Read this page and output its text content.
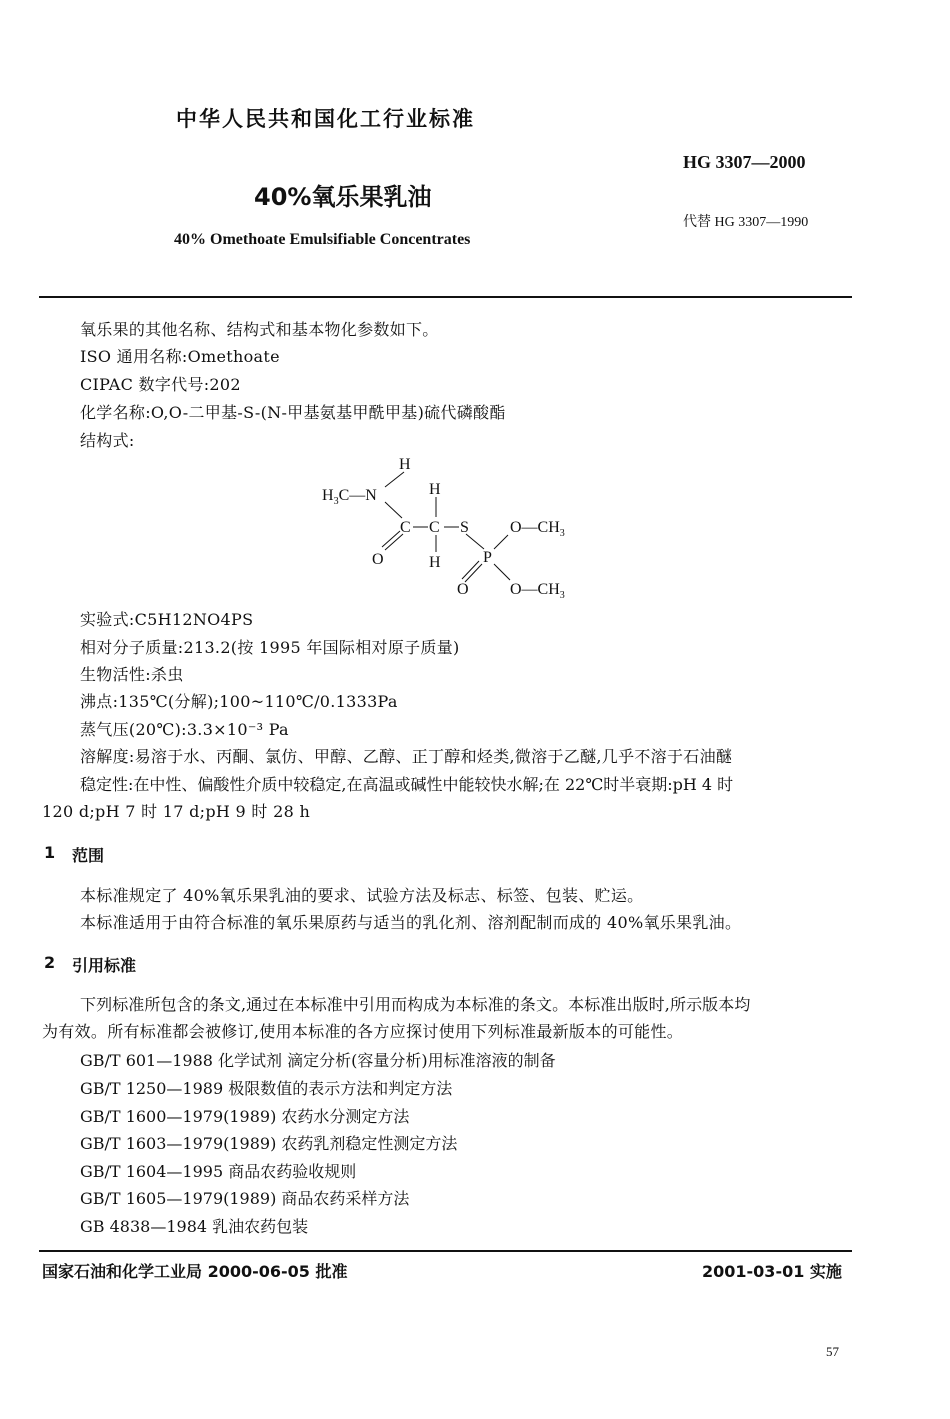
中华人民共和国化工行业标准
HG 3307—2000
40%氧乐果乳油
代替 HG 3307—1990
40% Omethoate Emulsifiable Concentrates
氧乐果的其他名称、结构式和基本物化参数如下。
ISO 通用名称:Omethoate
CIPAC 数字代号:202
化学名称:O,O-二甲基-S-(N-甲基氨基甲酰甲基)硫代磷酸酯
结构式:
H
$H_3C—N$	H
C C S	$O—CH_3$
O	H	P
O	$O—CH_3$
实验式:C5H12NO4PS
相对分子质量:213.2(按 1995 年国际相对原子质量)
生物活性:杀虫
沸点:135℃(分解);100~110℃/0.1333Pa
蒸气压(20℃):3.3×10⁻³ Pa
溶解度:易溶于水、丙酮、氯仿、甲醇、乙醇、正丁醇和烃类,微溶于乙醚,几乎不溶于石油醚
稳定性:在中性、偏酸性介质中较稳定,在高温或碱性中能较快水解;在 22℃时半衰期:pH 4 时
120 d;pH 7 时 17 d;pH 9 时 28 h
1 范围
本标准规定了 40%氧乐果乳油的要求、试验方法及标志、标签、包装、贮运。
本标准适用于由符合标准的氧乐果原药与适当的乳化剂、溶剂配制而成的 40%氧乐果乳油。
2 引用标准
下列标准所包含的条文,通过在本标准中引用而构成为本标准的条文。本标准出版时,所示版本均
为有效。所有标准都会被修订,使用本标准的各方应探讨使用下列标准最新版本的可能性。
GB/T 601—1988 化学试剂 滴定分析(容量分析)用标准溶液的制备
GB/T 1250—1989 极限数值的表示方法和判定方法
GB/T 1600—1979(1989) 农药水分测定方法
GB/T 1603—1979(1989) 农药乳剂稳定性测定方法
GB/T 1604—1995 商品农药验收规则
GB/T 1605—1979(1989) 商品农药采样方法
GB 4838—1984 乳油农药包装
国家石油和化学工业局 2000-06-05 批准	2001-03-01 实施
57
